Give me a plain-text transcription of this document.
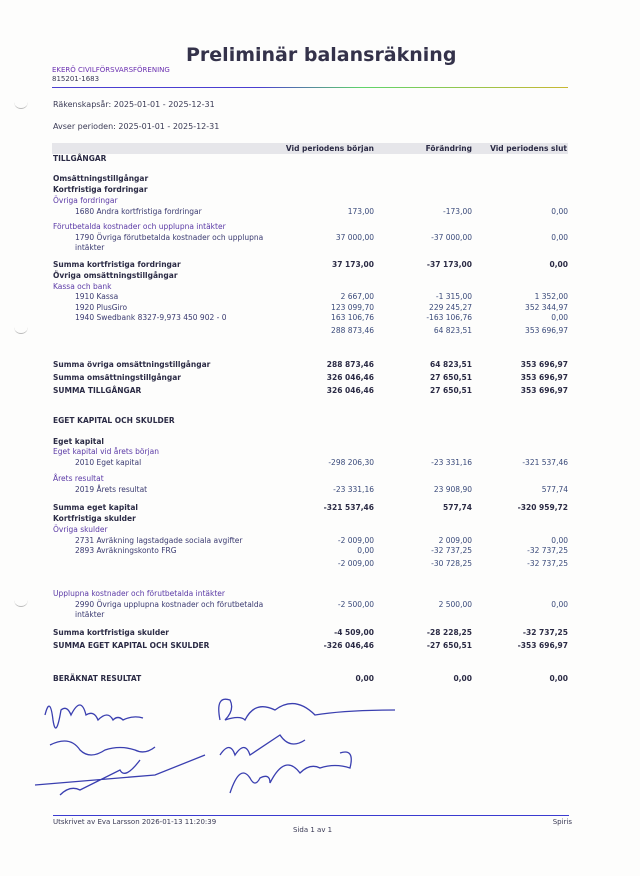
Preliminär balansräkning
EKERÖ CIVILFÖRSVARSFÖRENING
815201-1683
Räkenskapsår: 2025-01-01 - 2025-12-31
Avser perioden: 2025-01-01 - 2025-12-31
Vid periodens början	Förändring Vid periodens slut
TILLGÅNGAR
Omsättningstillgångar
Kortfristiga fordringar
Övriga fordringar
1680 Andra kortfristiga fordringar	173,00	-173,00	0,00
Förutbetalda kostnader och upplupna intäkter
1790 Övriga förutbetalda kostnader och upplupna
intäkter
37 000,00	-37 000,00	0,00
Summa kortfristiga fordringar	37 173,00	-37 173,00	0,00
Övriga omsättningstillgångar
Kassa och bank
1910 Kassa	2 667,00	-1 315,00	1 352,00
1920 PlusGiro	123 099,70	229 245,27	352 344,97
1940 Swedbank 8327-9,973 450 902 - 0	163 106,76	-163 106,76	0,00
288 873,46	64 823,51	353 696,97
Summa övriga omsättningstillgångar	288 873,46	64 823,51	353 696,97
Summa omsättningstillgångar	326 046,46	27 650,51	353 696,97
SUMMA TILLGÅNGAR	326 046,46	27 650,51	353 696,97
EGET KAPITAL OCH SKULDER
Eget kapital
Eget kapital vid årets början
2010 Eget kapital	-298 206,30	-23 331,16	-321 537,46
Årets resultat
2019 Årets resultat	-23 331,16	23 908,90	577,74
Summa eget kapital	-321 537,46	577,74	-320 959,72
Kortfristiga skulder
Övriga skulder
2731 Avräkning lagstadgade sociala avgifter	-2 009,00	2 009,00	0,00
2893 Avräkningskonto FRG	0,00	-32 737,25	-32 737,25
-2 009,00	-30 728,25	-32 737,25
Upplupna kostnader och förutbetalda intäkter
2990 Övriga upplupna kostnader och förutbetalda
intäkter
-2 500,00	2 500,00	0,00
Summa kortfristiga skulder	-4 509,00	-28 228,25	-32 737,25
SUMMA EGET KAPITAL OCH SKULDER	-326 046,46	-27 650,51	-353 696,97
BERÄKNAT RESULTAT	0,00	0,00	0,00
Utskrivet av Eva Larsson 2026-01-13 11:20:39	Spiris
Sida 1 av 1
